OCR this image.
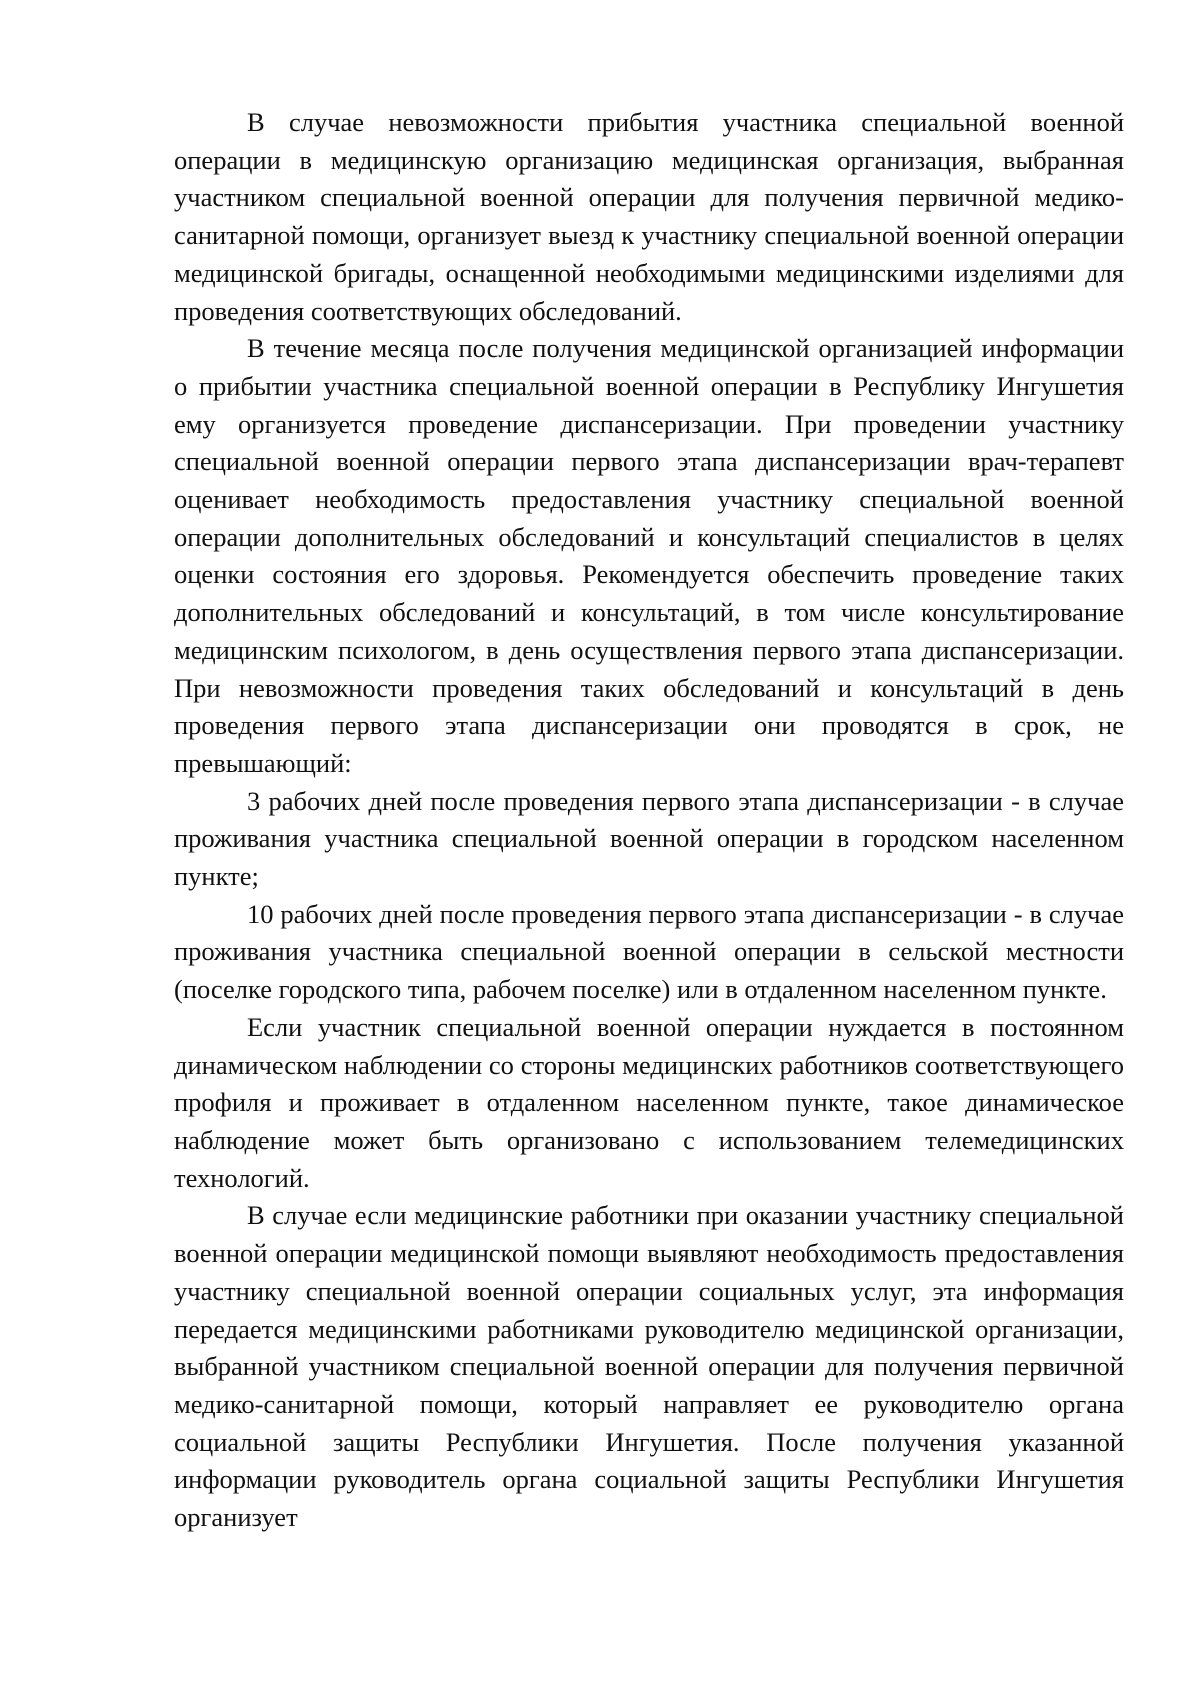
В случае невозможности прибытия участника специальной военной операции в медицинскую организацию медицинская организация, выбранная участником специальной военной операции для получения первичной медико-санитарной помощи, организует выезд к участнику специальной военной операции медицинской бригады, оснащенной необходимыми медицинскими изделиями для проведения соответствующих обследований.

В течение месяца после получения медицинской организацией информации о прибытии участника специальной военной операции в Республику Ингушетия ему организуется проведение диспансеризации. При проведении участнику специальной военной операции первого этапа диспансеризации врач-терапевт оценивает необходимость предоставления участнику специальной военной операции дополнительных обследований и консультаций специалистов в целях оценки состояния его здоровья. Рекомендуется обеспечить проведение таких дополнительных обследований и консультаций, в том числе консультирование медицинским психологом, в день осуществления первого этапа диспансеризации. При невозможности проведения таких обследований и консультаций в день проведения первого этапа диспансеризации они проводятся в срок, не превышающий:

3 рабочих дней после проведения первого этапа диспансеризации - в случае проживания участника специальной военной операции в городском населенном пункте;

10 рабочих дней после проведения первого этапа диспансеризации - в случае проживания участника специальной военной операции в сельской местности (поселке городского типа, рабочем поселке) или в отдаленном населенном пункте.

Если участник специальной военной операции нуждается в постоянном динамическом наблюдении со стороны медицинских работников соответствующего профиля и проживает в отдаленном населенном пункте, такое динамическое наблюдение может быть организовано с использованием телемедицинских технологий.

В случае если медицинские работники при оказании участнику специальной военной операции медицинской помощи выявляют необходимость предоставления участнику специальной военной операции социальных услуг, эта информация передается медицинскими работниками руководителю медицинской организации, выбранной участником специальной военной операции для получения первичной медико-санитарной помощи, который направляет ее руководителю органа социальной защиты Республики Ингушетия. После получения указанной информации руководитель органа социальной защиты Республики Ингушетия организует
